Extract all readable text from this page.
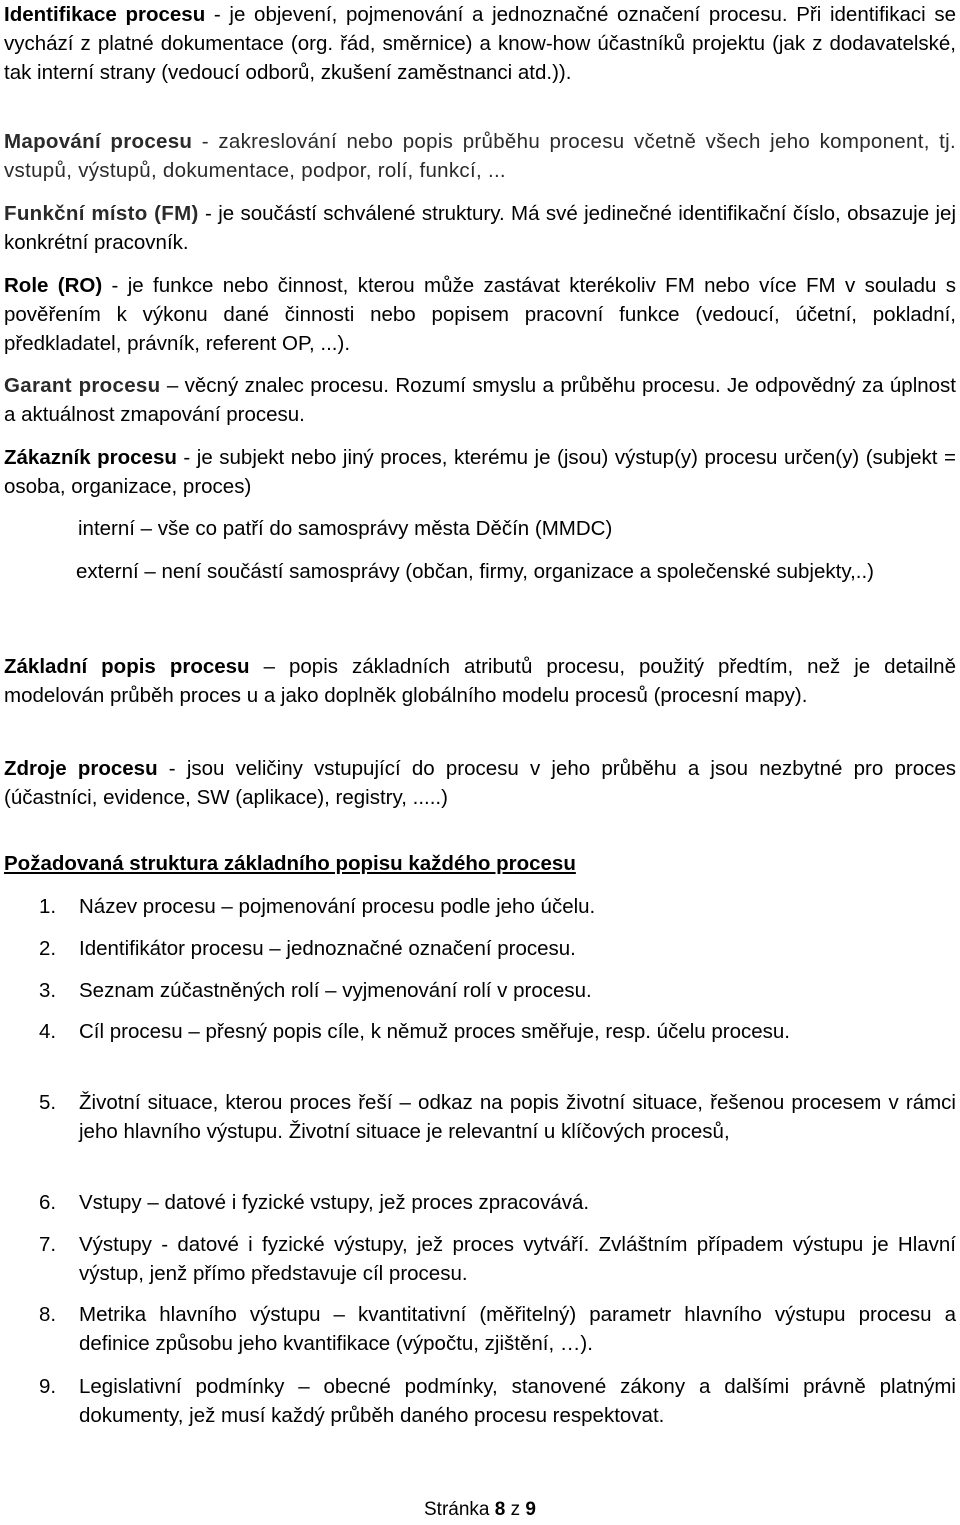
Identifikace procesu - je objevení, pojmenování a jednoznačné označení procesu. Při identifikaci se vychází z platné dokumentace (org. řád, směrnice) a know-how účastníků projektu (jak z dodavatelské, tak interní strany (vedoucí odborů, zkušení zaměstnanci atd.)).

Mapování procesu - zakreslování nebo popis průběhu procesu včetně všech jeho komponent, tj. vstupů, výstupů, dokumentace, podpor, rolí, funkcí, ...

Funkční místo (FM) - je součástí schválené struktury. Má své jedinečné identifikační číslo, obsazuje jej konkrétní pracovník.

Role (RO) - je funkce nebo činnost, kterou může zastávat kterékoliv FM nebo více FM v souladu s pověřením k výkonu dané činnosti nebo popisem pracovní funkce (vedoucí, účetní, pokladní, předkladatel, právník, referent OP, ...).

Garant procesu – věcný znalec procesu. Rozumí smyslu a průběhu procesu. Je odpovědný za úplnost a aktuálnost zmapování procesu.

Zákazník procesu - je subjekt nebo jiný proces, kterému je (jsou) výstup(y) procesu určen(y) (subjekt = osoba, organizace, proces)

interní – vše co patří do samosprávy města Děčín (MMDC)

externí – není součástí samosprávy (občan, firmy, organizace a společenské subjekty,..)

Základní popis procesu – popis základních atributů procesu, použitý předtím, než je detailně modelován průběh proces u a jako doplněk globálního modelu procesů (procesní mapy).

Zdroje procesu - jsou veličiny vstupující do procesu v jeho průběhu a jsou nezbytné pro proces (účastníci, evidence, SW (aplikace), registry, .....)

Požadovaná struktura základního popisu každého procesu

1.	Název procesu – pojmenování procesu podle jeho účelu.
2.	Identifikátor procesu – jednoznačné označení procesu.
3.	Seznam zúčastněných rolí – vyjmenování rolí v procesu.
4.	Cíl procesu – přesný popis cíle, k němuž proces směřuje, resp. účelu procesu.
5.	Životní situace, kterou proces řeší – odkaz na popis životní situace, řešenou procesem v rámci jeho hlavního výstupu. Životní situace je relevantní u klíčových procesů,
6.	Vstupy – datové i fyzické vstupy, jež proces zpracovává.
7.	Výstupy - datové i fyzické výstupy, jež proces vytváří. Zvláštním případem výstupu je Hlavní výstup, jenž přímo představuje cíl procesu.
8.	Metrika hlavního výstupu – kvantitativní (měřitelný) parametr hlavního výstupu procesu a definice způsobu jeho kvantifikace (výpočtu, zjištění, …).
9.	Legislativní podmínky – obecné podmínky, stanovené zákony a dalšími právně platnými dokumenty, jež musí každý průběh daného procesu respektovat.
Stránka 8 z 9
